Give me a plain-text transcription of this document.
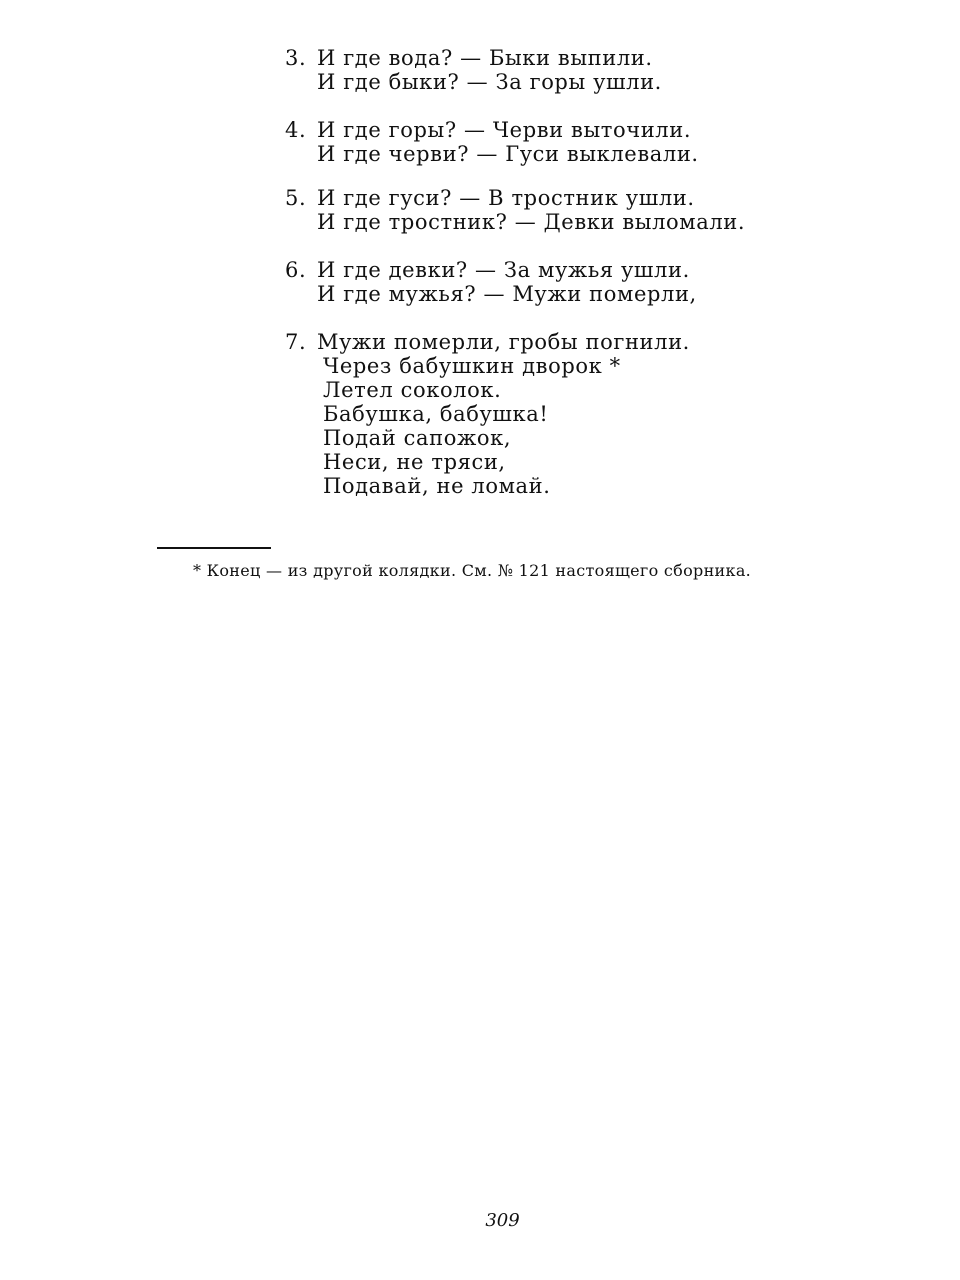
3. И где вода? — Быки выпили.
И где быки? — За горы ушли.
4. И где горы? — Черви выточили.
И где черви? — Гуси выклевали.
5. И где гуси? — В тростник ушли.
И где тростник? — Девки выломали.
6. И где девки? — За мужья ушли.
И где мужья? — Мужи померли,
7. Мужи померли, гробы погнили.
Через бабушкин дворок *
Летел соколок.
Бабушка, бабушка!
Подай сапожок,
Неси, не тряси,
Подавай, не ломай.
* Конец — из другой колядки. См. № 121 настоящего сборника.
309
